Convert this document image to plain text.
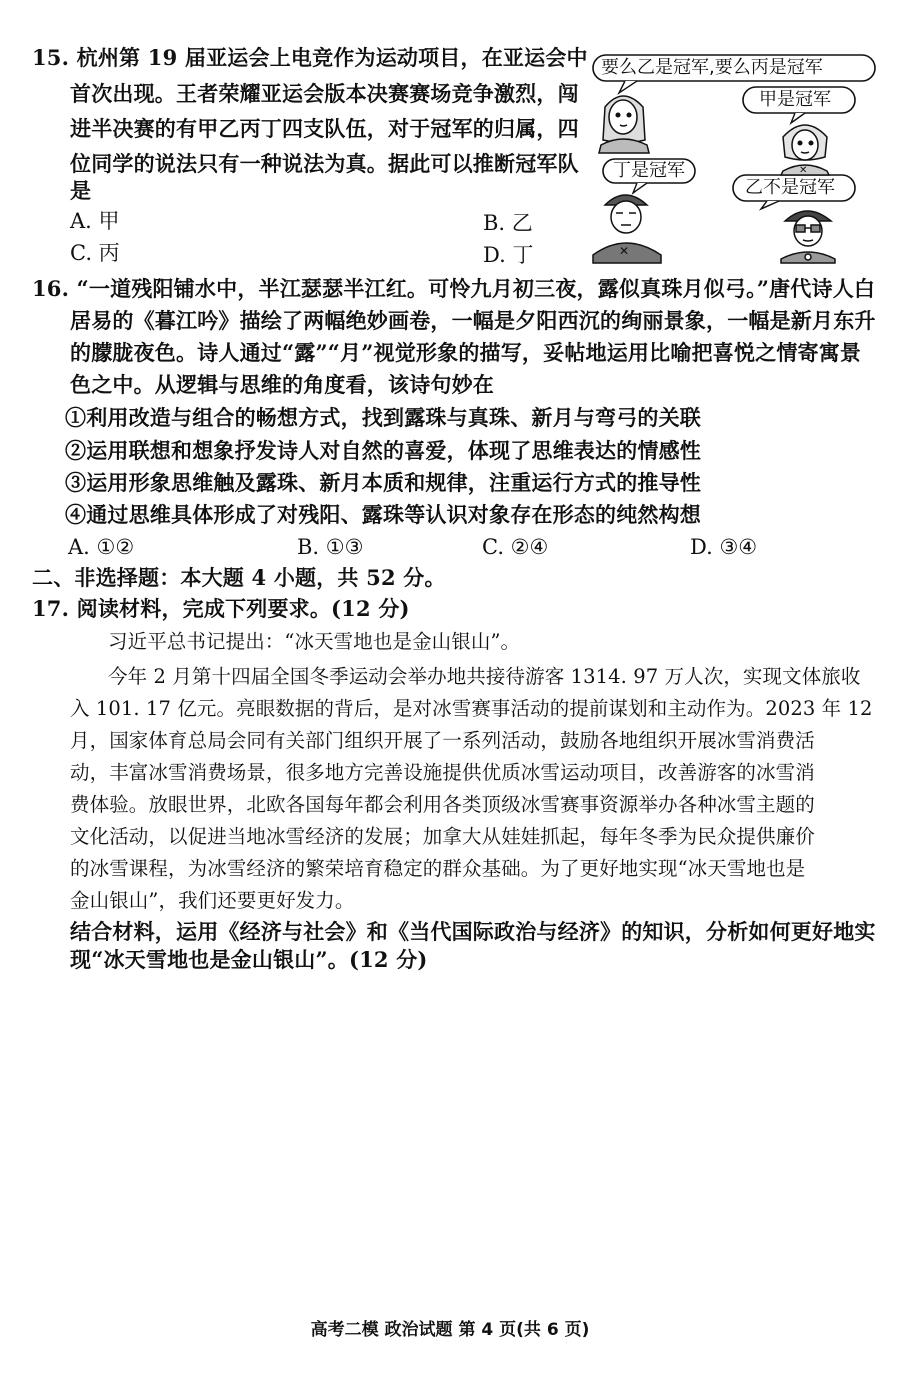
15. 杭州第 19 届亚运会上电竞作为运动项目，在亚运会中
首次出现。王者荣耀亚运会版本决赛赛场竞争激烈，闯
进半决赛的有甲乙丙丁四支队伍，对于冠军的归属，四
位同学的说法只有一种说法为真。据此可以推断冠军队
是
A. 甲	B. 乙
C. 丙	D. 丁
✕
✕
要么乙是冠军,要么丙是冠军
甲是冠军
丁是冠军
乙不是冠军
16. “一道残阳铺水中，半江瑟瑟半江红。可怜九月初三夜，露似真珠月似弓。”唐代诗人白
居易的《暮江吟》描绘了两幅绝妙画卷，一幅是夕阳西沉的绚丽景象，一幅是新月东升
的朦胧夜色。诗人通过“露”“月”视觉形象的描写，妥帖地运用比喻把喜悦之情寄寓景
色之中。从逻辑与思维的角度看，该诗句妙在
①利用改造与组合的畅想方式，找到露珠与真珠、新月与弯弓的关联
②运用联想和想象抒发诗人对自然的喜爱，体现了思维表达的情感性
③运用形象思维触及露珠、新月本质和规律，注重运行方式的推导性
④通过思维具体形成了对残阳、露珠等认识对象存在形态的纯然构想
A. ①②	B. ①③	C. ②④	D. ③④
二、非选择题：本大题 4 小题，共 52 分。
17. 阅读材料，完成下列要求。(12 分)
习近平总书记提出：“冰天雪地也是金山银山”。
今年 2 月第十四届全国冬季运动会举办地共接待游客 1314. 97 万人次，实现文体旅收
入 101. 17 亿元。亮眼数据的背后，是对冰雪赛事活动的提前谋划和主动作为。2023 年 12
月，国家体育总局会同有关部门组织开展了一系列活动，鼓励各地组织开展冰雪消费活
动，丰富冰雪消费场景，很多地方完善设施提供优质冰雪运动项目，改善游客的冰雪消
费体验。放眼世界，北欧各国每年都会利用各类顶级冰雪赛事资源举办各种冰雪主题的
文化活动，以促进当地冰雪经济的发展；加拿大从娃娃抓起，每年冬季为民众提供廉价
的冰雪课程，为冰雪经济的繁荣培育稳定的群众基础。为了更好地实现“冰天雪地也是
金山银山”，我们还要更好发力。
结合材料，运用《经济与社会》和《当代国际政治与经济》的知识，分析如何更好地实
现“冰天雪地也是金山银山”。(12 分)
高考二模 政治试题 第 4 页(共 6 页)
